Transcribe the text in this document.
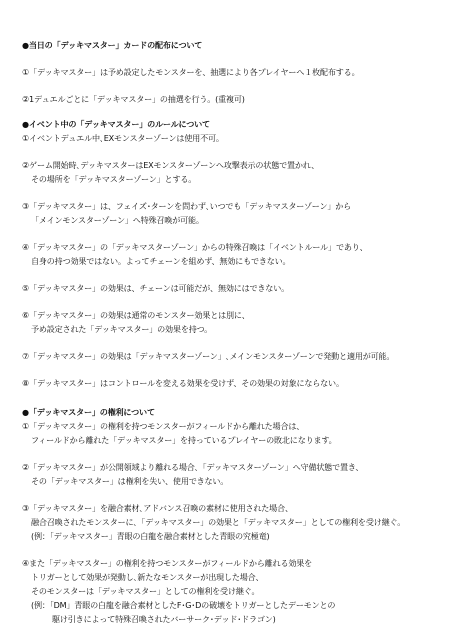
●当日の「デッキマスター」カードの配布について

①「デッキマスター」は予め設定したモンスターを、抽選により各プレイヤーへ１枚配布する。

②1デュエルごとに「デッキマスター」の抽選を行う。(重複可)

●イベント中の「デッキマスター」のルールについて

①イベントデュエル中､EXモンスターゾーンは使用不可。

②ゲーム開始時､デッキマスターはEXモンスターゾーンへ攻撃表示の状態で置かれ、

その場所を「デッキマスターゾーン」とする。

③「デッキマスター」は、フェイズ･ターンを問わず､いつでも「デッキマスターゾーン」から

「メインモンスターゾーン」へ特殊召喚が可能。

④「デッキマスター」の「デッキマスターゾーン」からの特殊召喚は「イベントルール」であり、

自身の持つ効果ではない。よってチェーンを組めず、無効にもできない。

⑤「デッキマスター」の効果は、チェーンは可能だが、無効にはできない。

⑥「デッキマスター」の効果は通常のモンスター効果とは別に、

予め設定された「デッキマスター」の効果を持つ。

⑦「デッキマスター」の効果は「デッキマスターゾーン」､メインモンスターゾーンで発動と適用が可能。

⑧「デッキマスター」はコントロールを変える効果を受けず、その効果の対象にならない。

●「デッキマスター」の権利について

①「デッキマスター」の権利を持つモンスターがフィールドから離れた場合は、

フィールドから離れた「デッキマスター」を持っているプレイヤーの敗北になります。

②「デッキマスター」が公開領域より離れる場合､「デッキマスターゾーン」へ守備状態で置き、

その「デッキマスター」は権利を失い、使用できない。

③「デッキマスター」を融合素材､アドバンス召喚の素材に使用された場合、

融合召喚されたモンスターに､「デッキマスター」の効果と「デッキマスター」としての権利を受け継ぐ。

(例：「デッキマスター」青眼の白龍を融合素材とした青眼の究極竜)

④また「デッキマスター」の権利を持つモンスターがフィールドから離れる効果を

トリガーとして効果が発動し､新たなモンスターが出現した場合、

そのモンスターは「デッキマスター」としての権利を受け継ぐ。

(例：「DM」青眼の白龍を融合素材としたF･G･Dの破壊をトリガーとしたデーモンとの

駆け引きによって特殊召喚されたバーサーク･デッド･ドラゴン)
